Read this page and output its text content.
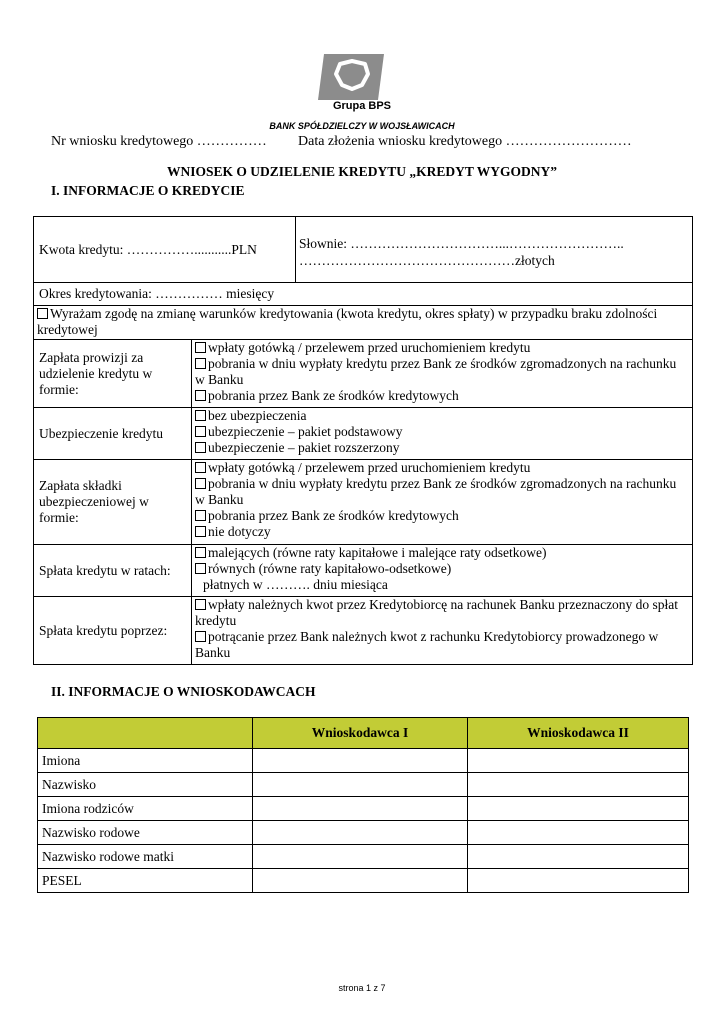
Grupa BPS
BANK SPÓŁDZIELCZY W WOJSŁAWICACH
Nr wniosku kredytowego …………… Data złożenia wniosku kredytowego ………………………
WNIOSEK O UDZIELENIE KREDYTU „KREDYT WYGODNY”
I. INFORMACJE O KREDYCIE
Kwota kredytu: ……………...........PLN		Słownie: ……………………………...……………………..
…………………………………………złotych

Okres kredytowania: …………… miesięcy		
Wyrażam zgodę na zmianę warunków kredytowania (kwota kredytu, okres spłaty) w przypadku braku zdolności kredytowej		
Zapłata prowizji za udzielenie kredytu w formie:	wpłaty gotówką / przelewem przed uruchomieniem kredytu
pobrania w dniu wypłaty kredytu przez Bank ze środków zgromadzonych na rachunku w Banku
pobrania przez Bank ze środków kredytowych	

Ubezpieczenie kredytu	bez ubezpieczenia
ubezpieczenie – pakiet podstawowy
ubezpieczenie – pakiet rozszerzony	

Zapłata składki ubezpieczeniowej w formie:	wpłaty gotówką / przelewem przed uruchomieniem kredytu
pobrania w dniu wypłaty kredytu przez Bank ze środków zgromadzonych na rachunku w Banku
pobrania przez Bank ze środków kredytowych
nie dotyczy	

Spłata kredytu w ratach:	malejących (równe raty kapitałowe i malejące raty odsetkowe)
równych (równe raty kapitałowo-odsetkowe)
płatnych w ………. dniu miesiąca	

Spłata kredytu poprzez:	wpłaty należnych kwot przez Kredytobiorcę na rachunek Banku przeznaczony do spłat kredytu
potrącanie przez Bank należnych kwot z rachunku Kredytobiorcy prowadzonego w Banku	
II. INFORMACJE O WNIOSKODAWCACH
	Wnioskodawca I	Wnioskodawca II
Imiona		
Nazwisko		
Imiona rodziców		
Nazwisko rodowe		
Nazwisko rodowe matki		
PESEL		
strona 1 z 7
